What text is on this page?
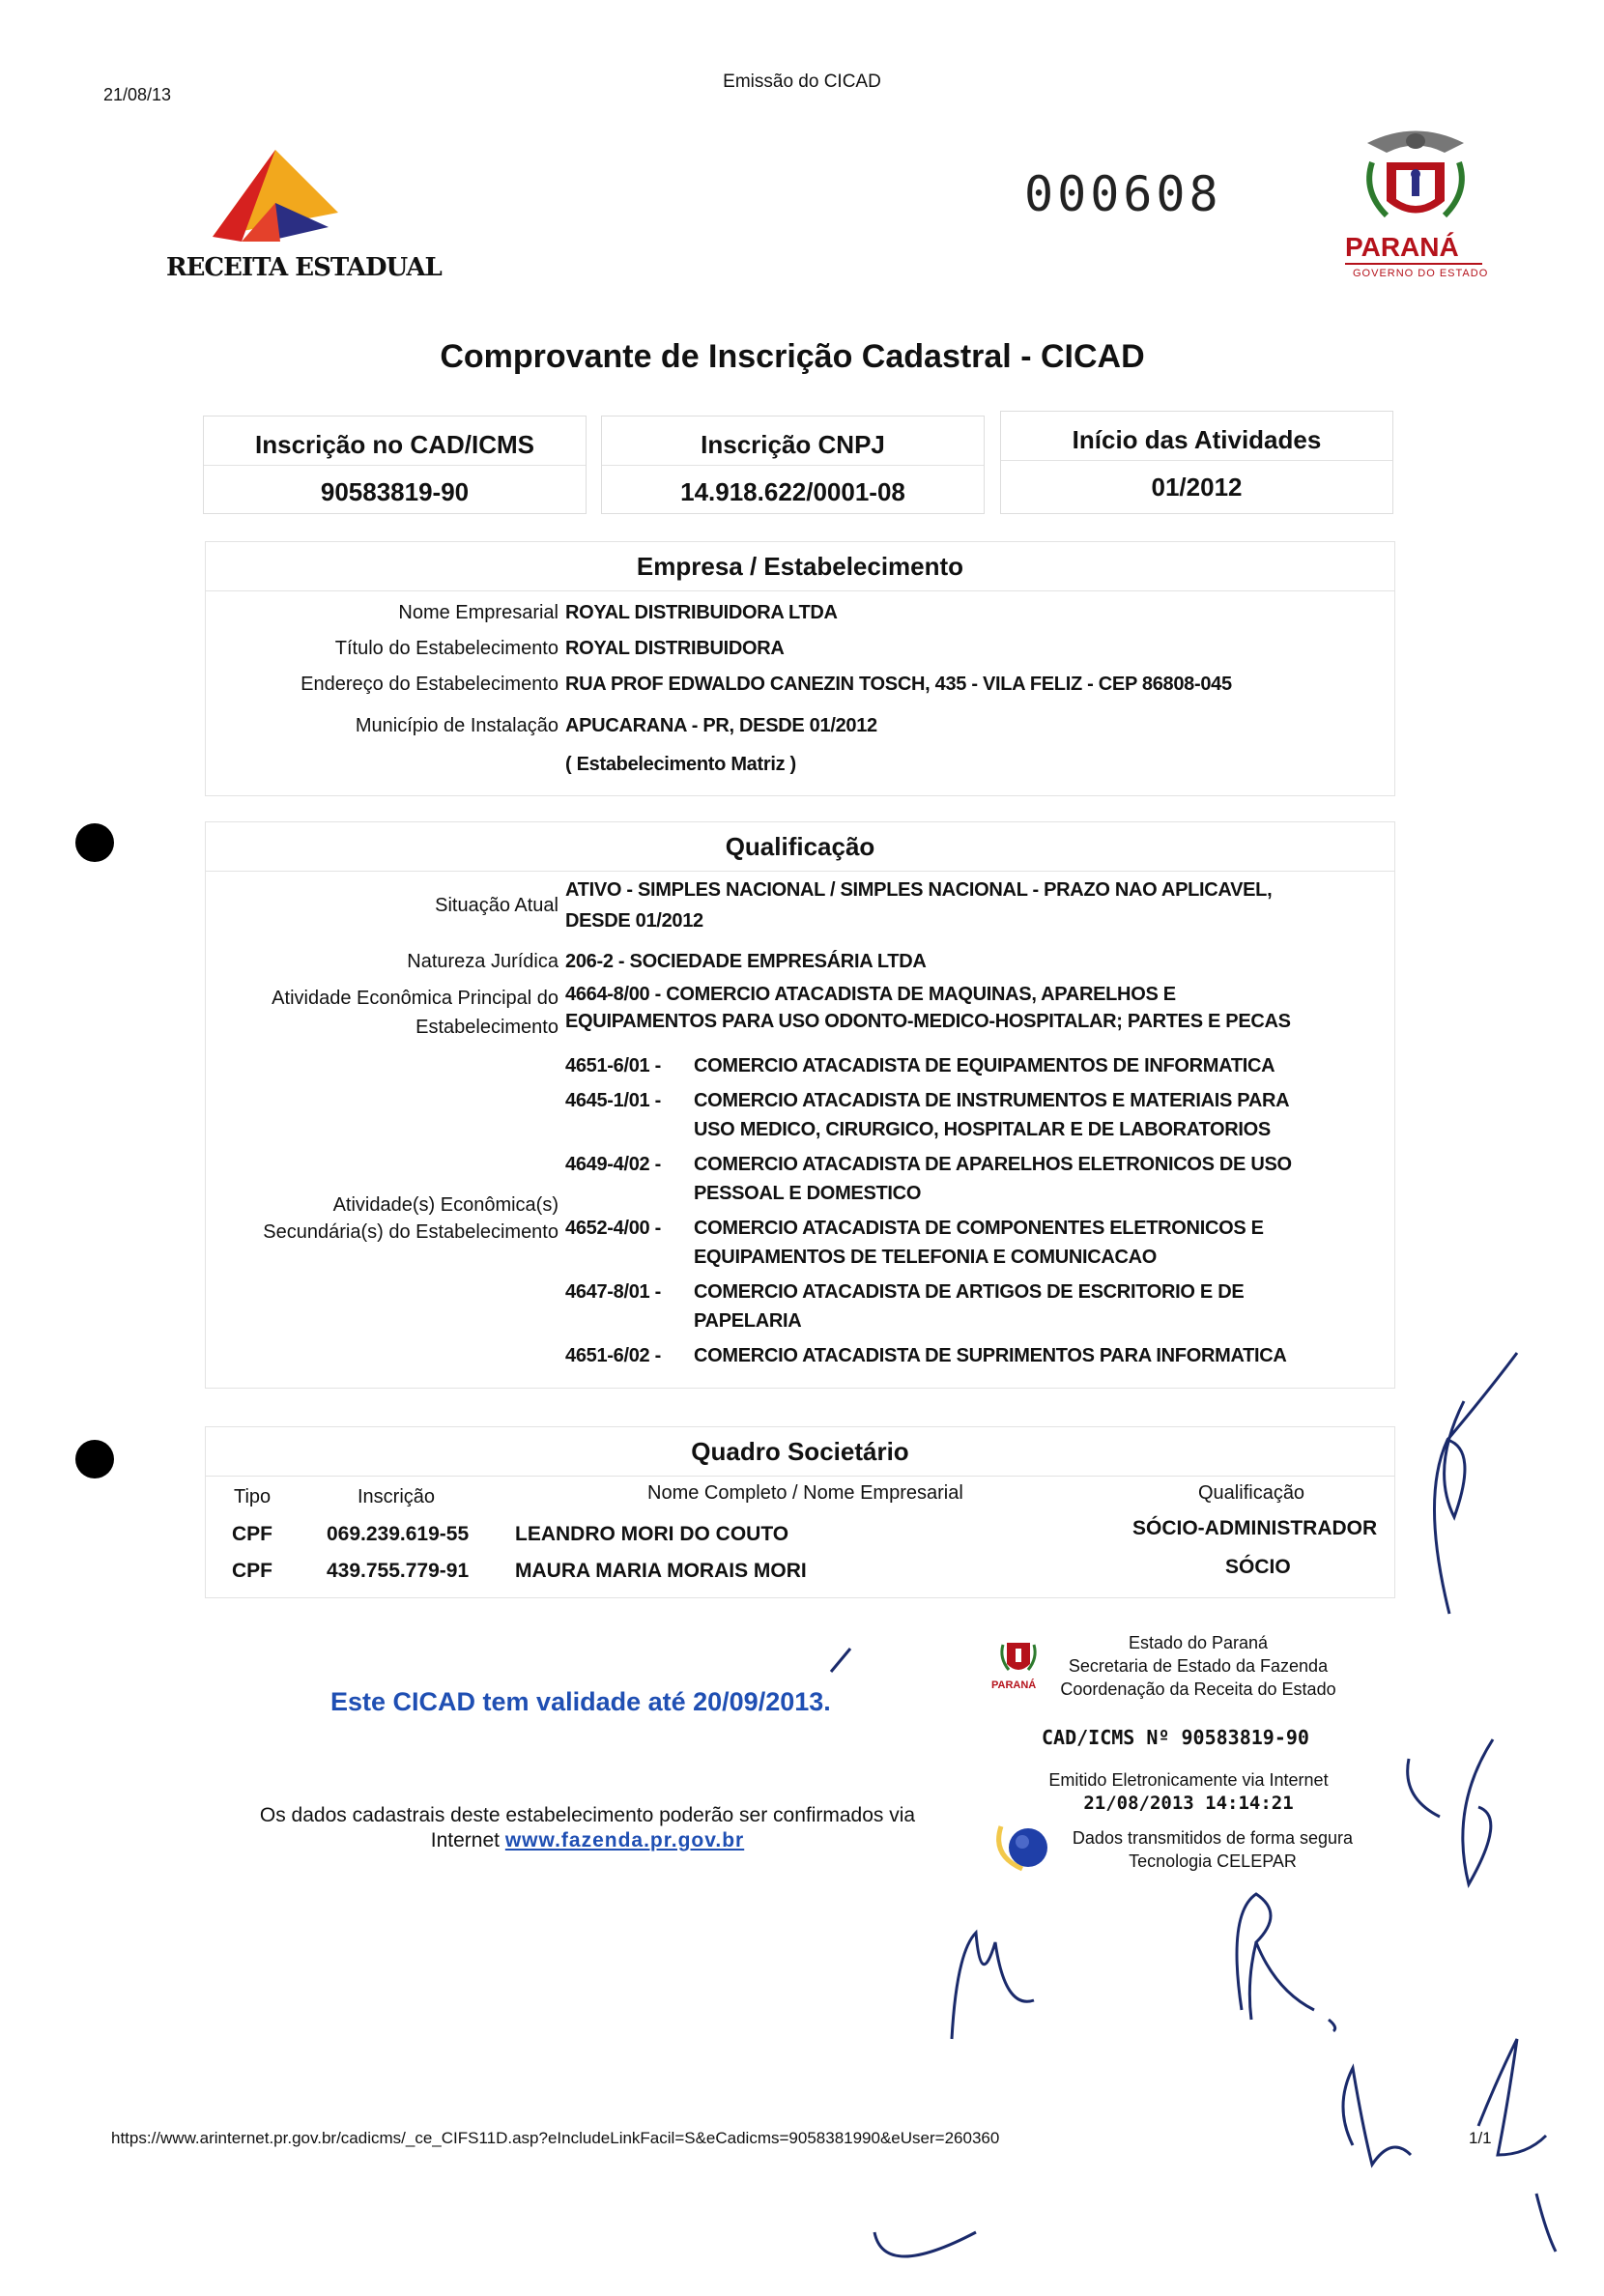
21/08/13
Emissão do CICAD
000608
RECEITA ESTADUAL
PARANÁ
GOVERNO DO ESTADO
Comprovante de Inscrição Cadastral - CICAD
Inscrição no CAD/ICMS
90583819-90
Inscrição CNPJ
14.918.622/0001-08
Início das Atividades
01/2012
Empresa / Estabelecimento
Nome Empresarial ROYAL DISTRIBUIDORA LTDA
Título do Estabelecimento ROYAL DISTRIBUIDORA
Endereço do Estabelecimento RUA PROF EDWALDO CANEZIN TOSCH, 435 - VILA FELIZ - CEP 86808-045
Município de Instalação APUCARANA - PR, DESDE 01/2012
( Estabelecimento Matriz )
Qualificação
Situação Atual
ATIVO - SIMPLES NACIONAL / SIMPLES NACIONAL - PRAZO NAO APLICAVEL,
DESDE 01/2012
Natureza Jurídica 206-2 - SOCIEDADE EMPRESÁRIA LTDA
Atividade Econômica Principal do
Estabelecimento
4664-8/00 - COMERCIO ATACADISTA DE MAQUINAS, APARELHOS E
EQUIPAMENTOS PARA USO ODONTO-MEDICO-HOSPITALAR; PARTES E PECAS
Atividade(s) Econômica(s)
Secundária(s) do Estabelecimento
4651-6/01 - COMERCIO ATACADISTA DE EQUIPAMENTOS DE INFORMATICA
4645-1/01 - COMERCIO ATACADISTA DE INSTRUMENTOS E MATERIAIS PARA
USO MEDICO, CIRURGICO, HOSPITALAR E DE LABORATORIOS
4649-4/02 - COMERCIO ATACADISTA DE APARELHOS ELETRONICOS DE USO
PESSOAL E DOMESTICO
4652-4/00 - COMERCIO ATACADISTA DE COMPONENTES ELETRONICOS E
EQUIPAMENTOS DE TELEFONIA E COMUNICACAO
4647-8/01 - COMERCIO ATACADISTA DE ARTIGOS DE ESCRITORIO E DE
PAPELARIA
4651-6/02 - COMERCIO ATACADISTA DE SUPRIMENTOS PARA INFORMATICA
Quadro Societário
Tipo	Inscrição	Nome Completo / Nome Empresarial	Qualificação
CPF	069.239.619-55 LEANDRO MORI DO COUTO	SÓCIO-ADMINISTRADOR
CPF	439.755.779-91 MAURA MARIA MORAIS MORI	SÓCIO
Este CICAD tem validade até 20/09/2013.
Os dados cadastrais deste estabelecimento poderão ser confirmados via
Internet www.fazenda.pr.gov.br
PARANÁ
Estado do Paraná
Secretaria de Estado da Fazenda
Coordenação da Receita do Estado
CAD/ICMS Nº 90583819-90
Emitido Eletronicamente via Internet
21/08/2013 14:14:21
Dados transmitidos de forma segura
Tecnologia CELEPAR
https://www.arinternet.pr.gov.br/cadicms/_ce_CIFS11D.asp?eIncludeLinkFacil=S&eCadicms=9058381990&eUser=260360	1/1
